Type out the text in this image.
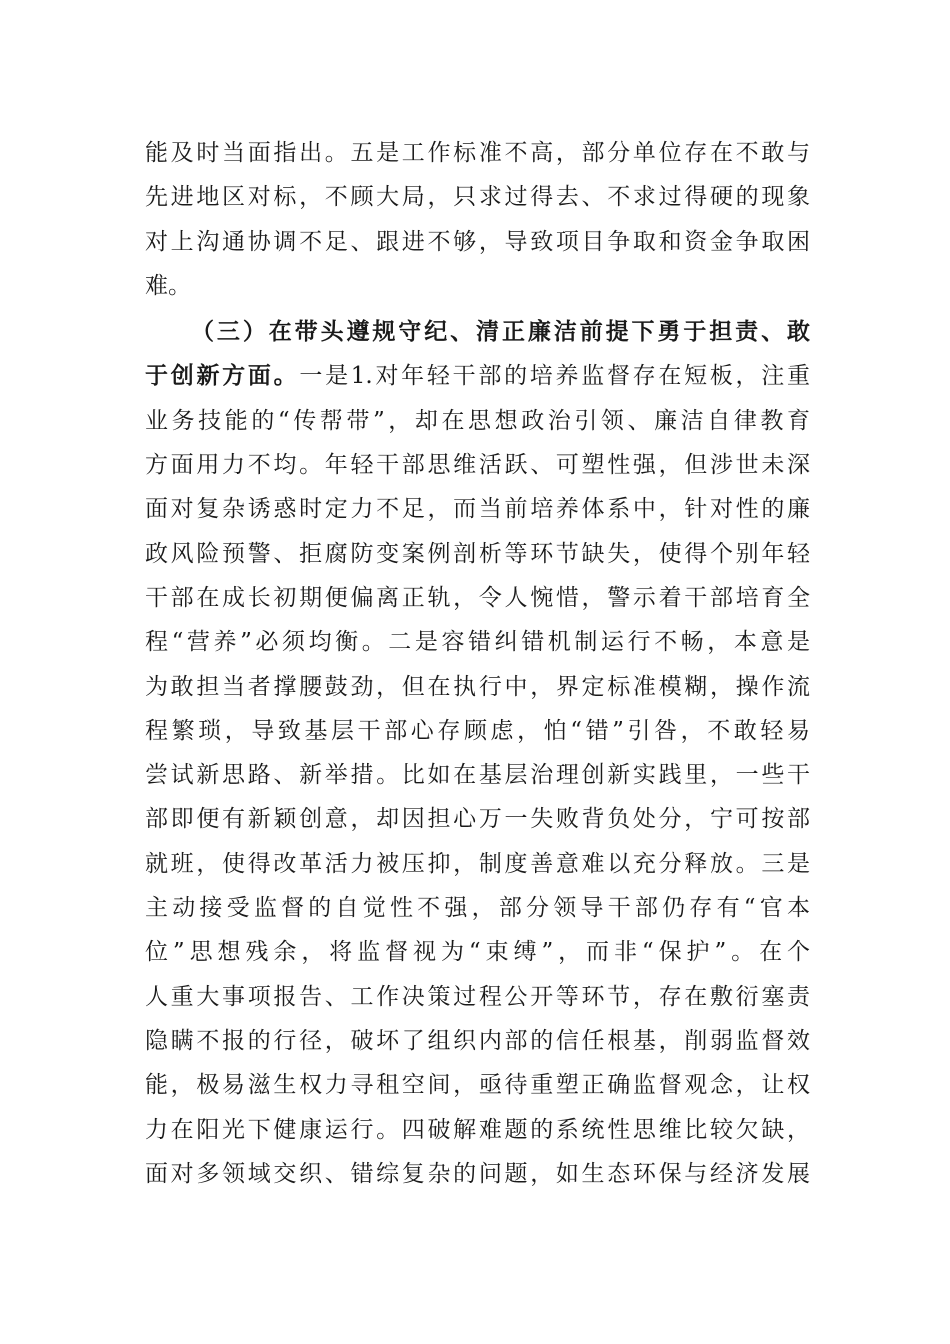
能及时当面指出。五是工作标准不高，部分单位存在不敢与
先进地区对标，不顾大局，只求过得去、不求过得硬的现象
对上沟通协调不足、跟进不够，导致项目争取和资金争取困
难。
（三）在带头遵规守纪、清正廉洁前提下勇于担责、敢
于创新方面。一是1.对年轻干部的培养监督存在短板，注重
业务技能的“传帮带”，却在思想政治引领、廉洁自律教育
方面用力不均。年轻干部思维活跃、可塑性强，但涉世未深
面对复杂诱惑时定力不足，而当前培养体系中，针对性的廉
政风险预警、拒腐防变案例剖析等环节缺失，使得个别年轻
干部在成长初期便偏离正轨，令人惋惜，警示着干部培育全
程“营养”必须均衡。二是容错纠错机制运行不畅，本意是
为敢担当者撑腰鼓劲，但在执行中，界定标准模糊，操作流
程繁琐，导致基层干部心存顾虑，怕“错”引咎，不敢轻易
尝试新思路、新举措。比如在基层治理创新实践里，一些干
部即便有新颖创意，却因担心万一失败背负处分，宁可按部
就班，使得改革活力被压抑，制度善意难以充分释放。三是
主动接受监督的自觉性不强，部分领导干部仍存有“官本
位”思想残余，将监督视为“束缚”，而非“保护”。在个
人重大事项报告、工作决策过程公开等环节，存在敷衍塞责
隐瞒不报的行径，破坏了组织内部的信任根基，削弱监督效
能，极易滋生权力寻租空间，亟待重塑正确监督观念，让权
力在阳光下健康运行。四破解难题的系统性思维比较欠缺，
面对多领域交织、错综复杂的问题，如生态环保与经济发展
